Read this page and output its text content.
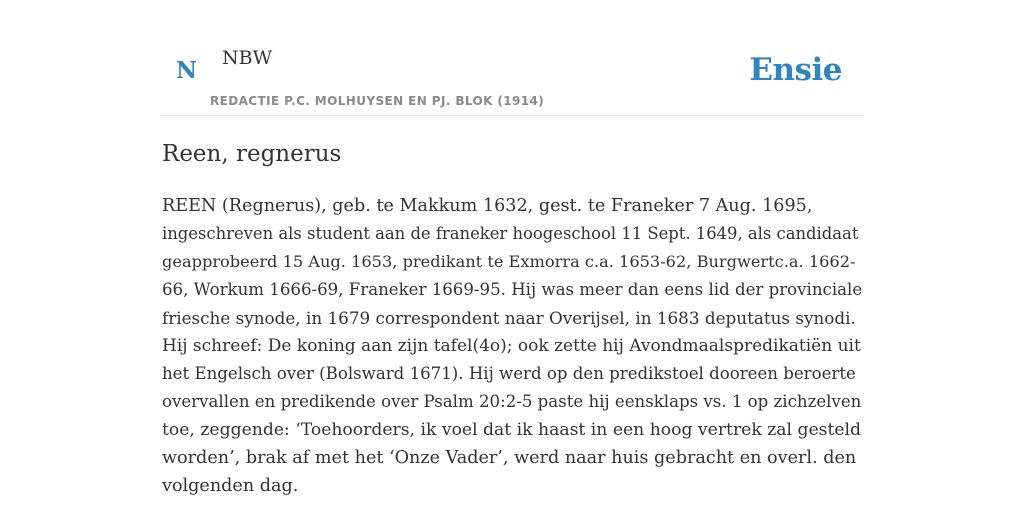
N NBW
REDACTIE P.C. MOLHUYSEN EN PJ. BLOK (1914)
Ensie
Reen, regnerus

REEN (Regnerus), geb. te Makkum 1632, gest. te Franeker 7 Aug. 1695,
ingeschreven als student aan de franeker hoogeschool 11 Sept. 1649, als candidaat
geapprobeerd 15 Aug. 1653, predikant te Exmorra c.a. 1653-62, Burgwertc.a. 1662-
66, Workum 1666-69, Franeker 1669-95. Hij was meer dan eens lid der provinciale
friesche synode, in 1679 correspondent naar Overijsel, in 1683 deputatus synodi.
Hij schreef: De koning aan zijn tafel(4o); ook zette hij Avondmaalspredikatiën uit
het Engelsch over (Bolsward 1671). Hij werd op den predikstoel dooreen beroerte
overvallen en predikende over Psalm 20:2-5 paste hij eensklaps vs. 1 op zichzelven
toe, zeggende: ‘Toehoorders, ik voel dat ik haast in een hoog vertrek zal gesteld
worden’, brak af met het ‘Onze Vader’, werd naar huis gebracht en overl. den
volgenden dag.
